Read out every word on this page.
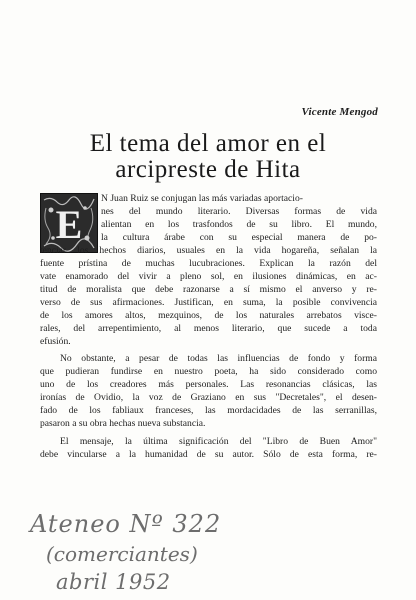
Vicente Mengod
El tema del amor en el
arcipreste de Hita
E
N Juan Ruiz se conjugan las más variadas aportacio-
nes del mundo literario. Diversas formas de vida
alientan en los trasfondos de su libro. El mundo,
la cultura árabe con su especial manera de po-
tenciar los hechos diarios, usuales en la vida hogareña, señalan la
fuente prístina de muchas lucubraciones. Explican la razón del
vate enamorado del vivir a pleno sol, en ilusiones dinámicas, en ac-
titud de moralista que debe razonarse a sí mismo el anverso y re-
verso de sus afirmaciones. Justifican, en suma, la posible convivencia
de los amores altos, mezquinos, de los naturales arrebatos visce-
rales, del arrepentimiento, al menos literario, que sucede a toda
efusión.
No obstante, a pesar de todas las influencias de fondo y forma
que pudieran fundirse en nuestro poeta, ha sido considerado como
uno de los creadores más personales. Las resonancias clásicas, las
ironías de Ovidio, la voz de Graziano en sus "Decretales", el desen-
fado de los fabliaux franceses, las mordacidades de las serranillas,
pasaron a su obra hechas nueva substancia.
El mensaje, la última significación del "Libro de Buen Amor"
debe vincularse a la humanidad de su autor. Sólo de esta forma, re-
Ateneo Nº 322
(comerciantes)
abril 1952
